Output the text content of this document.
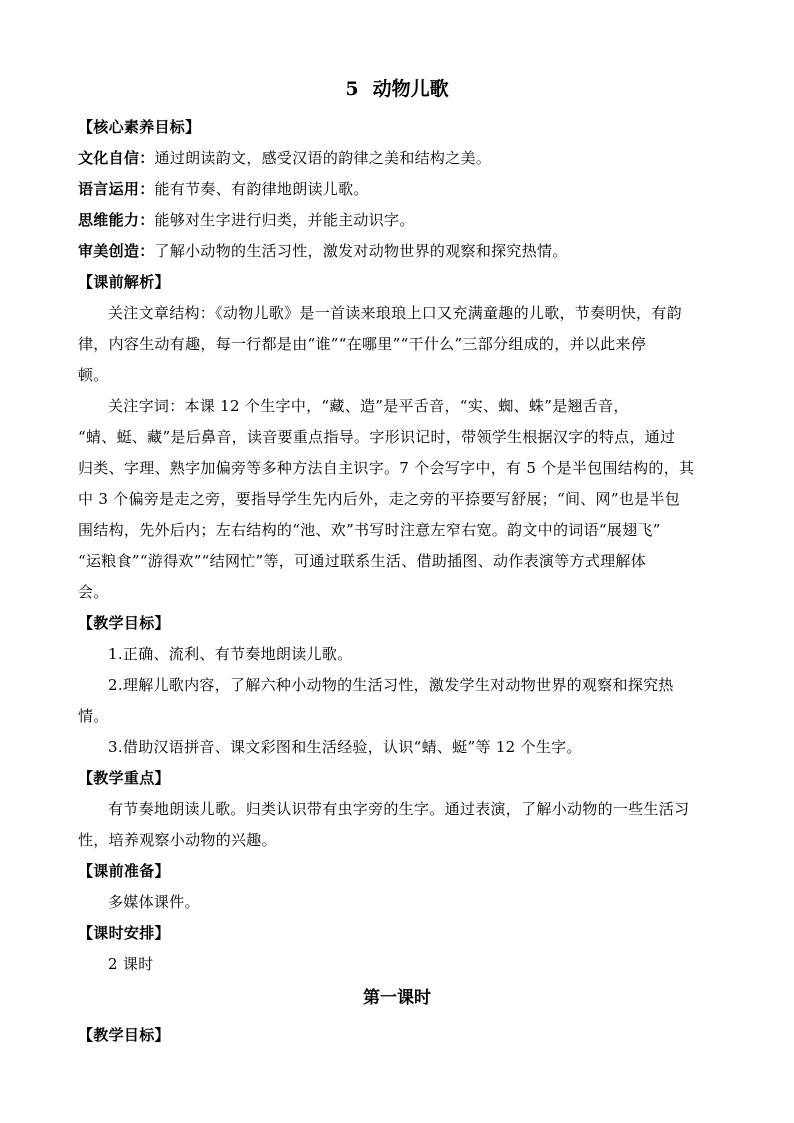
5 动物儿歌
【核心素养目标】
文化自信：通过朗读韵文，感受汉语的韵律之美和结构之美。
语言运用：能有节奏、有韵律地朗读儿歌。
思维能力：能够对生字进行归类，并能主动识字。
审美创造：了解小动物的生活习性，激发对动物世界的观察和探究热情。
【课前解析】
关注文章结构：《动物儿歌》是一首读来琅琅上口又充满童趣的儿歌，节奏明快，有韵
律，内容生动有趣，每一行都是由“谁”“在哪里”“干什么”三部分组成的，并以此来停
顿。
关注字词：本课 12 个生字中，“藏、造”是平舌音，“实、蜘、蛛”是翘舌音，
“蜻、蜓、藏”是后鼻音，读音要重点指导。字形识记时，带领学生根据汉字的特点，通过
归类、字理、熟字加偏旁等多种方法自主识字。7 个会写字中，有 5 个是半包围结构的，其
中 3 个偏旁是走之旁，要指导学生先内后外，走之旁的平捺要写舒展；“间、网”也是半包
围结构，先外后内；左右结构的“池、欢”书写时注意左窄右宽。韵文中的词语“展翅飞”
“运粮食”“游得欢”“结网忙”等，可通过联系生活、借助插图、动作表演等方式理解体
会。
【教学目标】
1.正确、流利、有节奏地朗读儿歌。
2.理解儿歌内容，了解六种小动物的生活习性，激发学生对动物世界的观察和探究热
情。
3.借助汉语拼音、课文彩图和生活经验，认识“蜻、蜓”等 12 个生字。
【教学重点】
有节奏地朗读儿歌。归类认识带有虫字旁的生字。通过表演，了解小动物的一些生活习
性，培养观察小动物的兴趣。
【课前准备】
多媒体课件。
【课时安排】
2 课时
第一课时
【教学目标】
